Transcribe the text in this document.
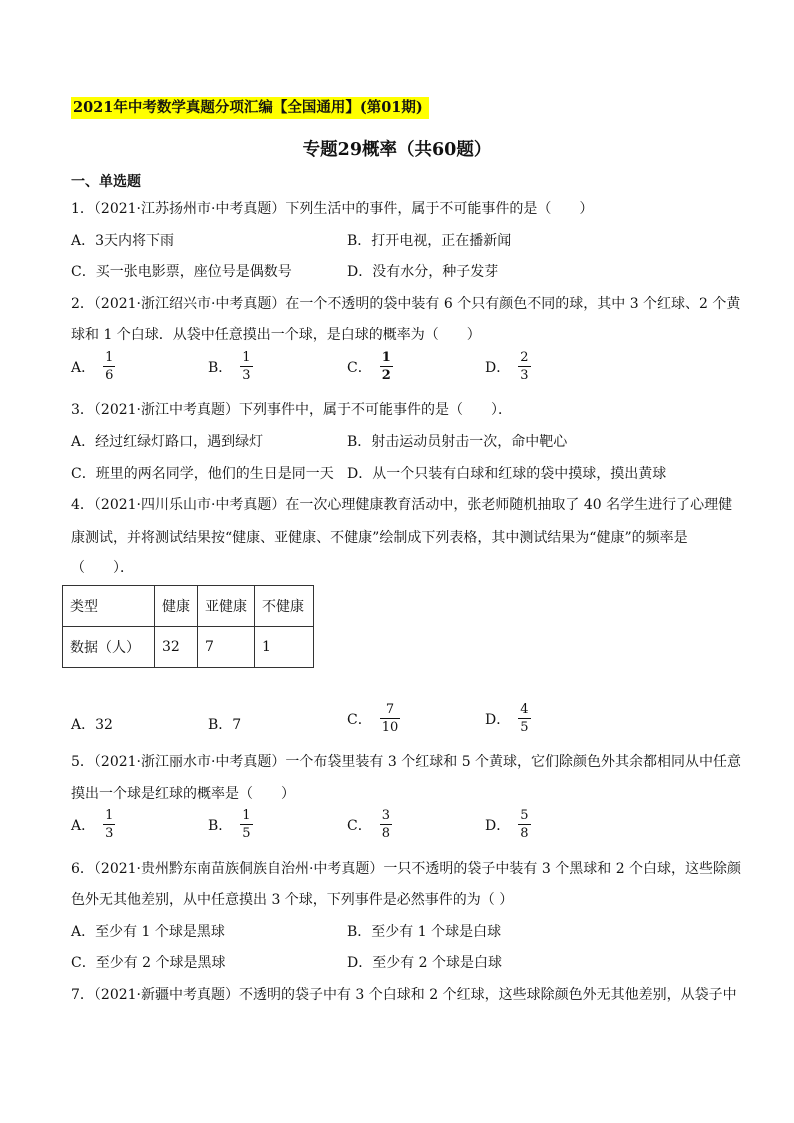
2021年中考数学真题分项汇编【全国通用】(第01期)
专题29概率（共60题）
一、单选题
1．（2021·江苏扬州市·中考真题）下列生活中的事件，属于不可能事件的是（　　）
A．3天内将下雨	B．打开电视，正在播新闻
C．买一张电影票，座位号是偶数号	D．没有水分，种子发芽
2．（2021·浙江绍兴市·中考真题）在一个不透明的袋中装有 6 个只有颜色不同的球，其中 3 个红球、2 个黄
球和 1 个白球．从袋中任意摸出一个球，是白球的概率为（　　）
A． $\frac{1}{6}$	B． $\frac{1}{3}$	C． $\frac{1}{2}$	D． $\frac{2}{3}$
3．（2021·浙江中考真题）下列事件中，属于不可能事件的是（　　）．
A．经过红绿灯路口，遇到绿灯	B．射击运动员射击一次，命中靶心
C．班里的两名同学，他们的生日是同一天 D．从一个只装有白球和红球的袋中摸球，摸出黄球
4．（2021·四川乐山市·中考真题）在一次心理健康教育活动中，张老师随机抽取了 40 名学生进行了心理健
康测试，并将测试结果按“健康、亚健康、不健康”绘制成下列表格，其中测试结果为“健康”的频率是
（　　）．
类型	健康	亚健康	不健康
数据（人）	32	7	1
A．32	B．7	C． $\frac{7}{10}$	D． $\frac{4}{5}$
5．（2021·浙江丽水市·中考真题）一个布袋里装有 3 个红球和 5 个黄球，它们除颜色外其余都相同从中任意
摸出一个球是红球的概率是（　　）
A． $\frac{1}{3}$	B． $\frac{1}{5}$	C． $\frac{3}{8}$	D． $\frac{5}{8}$
6．（2021·贵州黔东南苗族侗族自治州·中考真题）一只不透明的袋子中装有 3 个黑球和 2 个白球，这些除颜
色外无其他差别，从中任意摸出 3 个球，下列事件是必然事件的为（ ）
A．至少有 1 个球是黑球	B．至少有 1 个球是白球
C．至少有 2 个球是黑球	D．至少有 2 个球是白球
7．（2021·新疆中考真题）不透明的袋子中有 3 个白球和 2 个红球，这些球除颜色外无其他差别，从袋子中
